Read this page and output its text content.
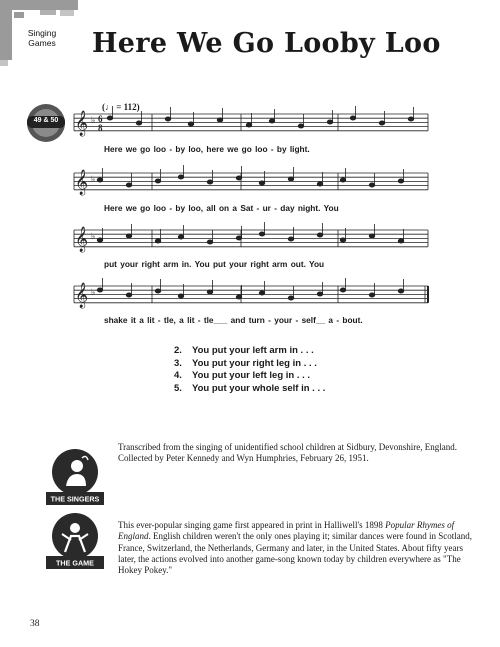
Singing
Games	Here We Go Looby Loo
49 & 50
(♩ = 112)
𝄞 ♭
𝄞 ♭
𝄞 ♭
𝄞 ♭
6
8
Here we go loo - by loo, here we go loo - by light.
Here we go loo - by loo, all on a Sat - ur - day night. You
put your right arm in. You put your right arm out. You
shake it a lit - tle, a lit - tle___ and turn - your - self__ a - bout.
2. You put your left arm in . . .
3. You put your right leg in . . .
4. You put your left leg in . . .
5. You put your whole self in . . .
THE SINGERS
Transcribed from the singing of unidentified school children at Sidbury, Devonshire, England. Collected by Peter Kennedy and Wyn Humphries, February 26, 1951.
THE GAME
This ever-popular singing game first appeared in print in Halliwell's 1898 Popular Rhymes of England. English children weren't the only ones playing it; similar dances were found in Scotland, France, Switzerland, the Netherlands, Germany and later, in the United States. About fifty years later, the actions evolved into another game-song known today by children everywhere as "The Hokey Pokey."
38
